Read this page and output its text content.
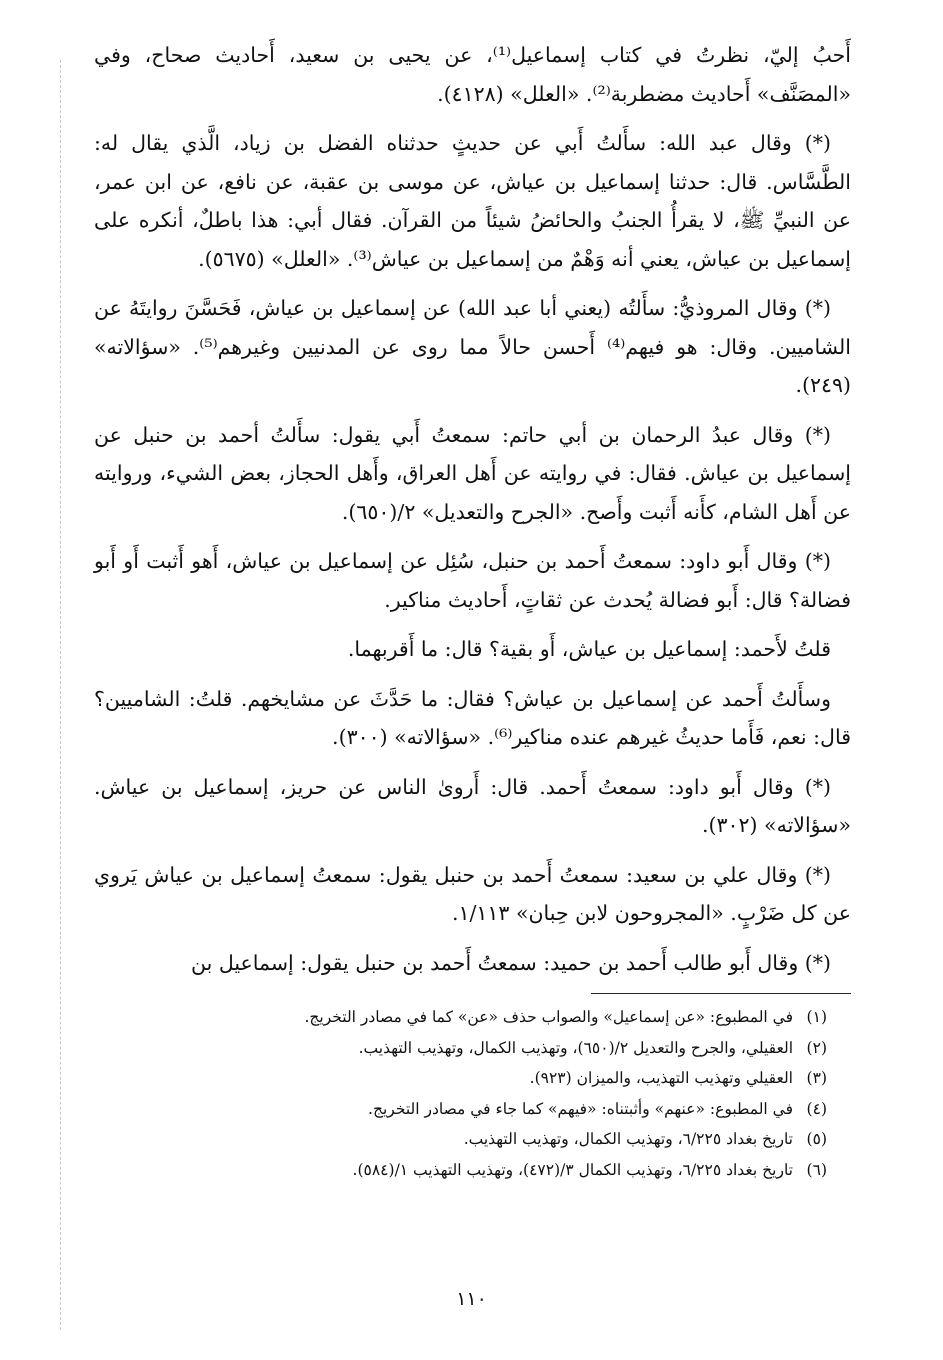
أَحبُ إليّ، نظرتُ في كتاب إسماعيل⁽¹⁾، عن يحيى بن سعيد، أَحاديث صحاح، وفي «المصَنَّف» أَحاديث مضطربة⁽²⁾. «العلل» (٤١٢٨).

(*) وقال عبد الله: سأَلتُ أَبي عن حديثٍ حدثناه الفضل بن زياد، الَّذي يقال له: الطَّسَّاس. قال: حدثنا إسماعيل بن عياش، عن موسى بن عقبة، عن نافع، عن ابن عمر، عن النبيِّ ﷺ، لا يقرأُ الجنبُ والحائضُ شيئاً من القرآن. فقال أبي: هذا باطلٌ، أنكره على إسماعيل بن عياش، يعني أنه وَهْمٌ من إسماعيل بن عياش⁽³⁾. «العلل» (٥٦٧٥).

(*) وقال المروذيُّ: سأَلتُه (يعني أبا عبد الله) عن إسماعيل بن عياش، فَحَسَّنَ روايتَهُ عن الشاميين. وقال: هو فيهم⁽⁴⁾ أَحسن حالاً مما روى عن المدنيين وغيرهم⁽⁵⁾. «سؤالاته» (٢٤٩).

(*) وقال عبدُ الرحمان بن أبي حاتم: سمعتُ أَبي يقول: سأَلتُ أحمد بن حنبل عن إسماعيل بن عياش. فقال: في روايته عن أَهل العراق، وأَهل الحجاز، بعض الشيء، وروايته عن أَهل الشام، كأَنه أَثبت وأَصح. «الجرح والتعديل» ٢/(٦٥٠).

(*) وقال أَبو داود: سمعتُ أَحمد بن حنبل، سُئِل عن إسماعيل بن عياش، أَهو أَثبت أَو أَبو فضالة؟ قال: أَبو فضالة يُحدث عن ثقاتٍ، أَحاديث مناكير.

قلتُ لأَحمد: إسماعيل بن عياش، أَو بقية؟ قال: ما أَقربهما.

وسأَلتُ أَحمد عن إسماعيل بن عياش؟ فقال: ما حَدَّثَ عن مشايخهم. قلتُ: الشاميين؟ قال: نعم، فَأَما حديثُ غيرهم عنده مناكير⁽⁶⁾. «سؤالاته» (٣٠٠).

(*) وقال أَبو داود: سمعتُ أَحمد. قال: أَروىٰ الناس عن حريز، إسماعيل بن عياش. «سؤالاته» (٣٠٢).

(*) وقال علي بن سعيد: سمعتُ أَحمد بن حنبل يقول: سمعتُ إسماعيل بن عياش يَروي عن كل ضَرْبٍ. «المجروحون لابن حِبان» ١/١١٣.

(*) وقال أَبو طالب أَحمد بن حميد: سمعتُ أَحمد بن حنبل يقول: إسماعيل بن

(١)في المطبوع: «عن إسماعيل» والصواب حذف «عن» كما في مصادر التخريج.
(٢)العقيلي، والجرح والتعديل ٢/(٦٥٠)، وتهذيب الكمال، وتهذيب التهذيب.
(٣)العقيلي وتهذيب التهذيب، والميزان (٩٢٣).
(٤)في المطبوع: «عنهم» وأثبتناه: «فيهم» كما جاء في مصادر التخريج.
(٥)تاريخ بغداد ٦/٢٢٥، وتهذيب الكمال، وتهذيب التهذيب.
(٦)تاريخ بغداد ٦/٢٢٥، وتهذيب الكمال ٣/(٤٧٢)، وتهذيب التهذيب ١/(٥٨٤).
١١٠
